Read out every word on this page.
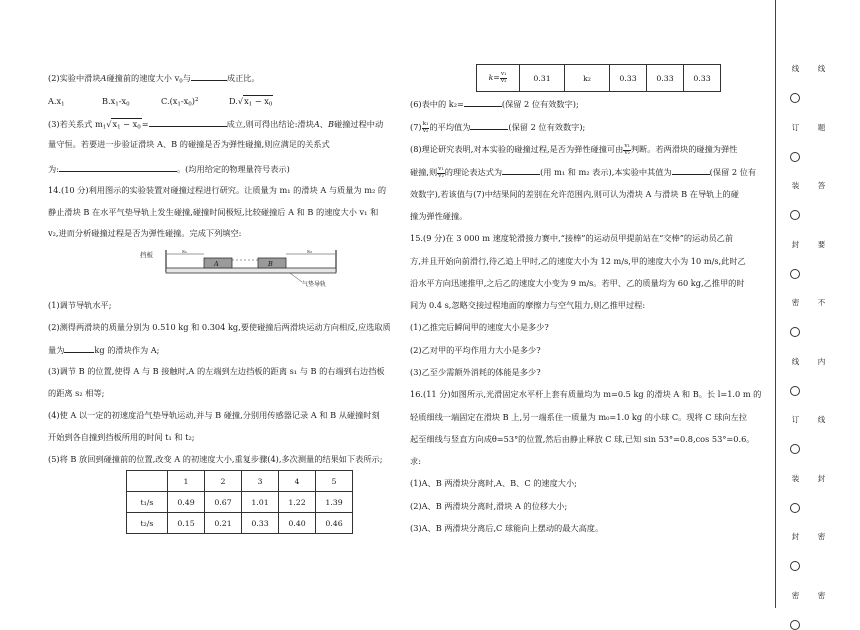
(2)实验中滑块A碰撞前的速度大小 $v_0$与	成正比。
$A.x_1$	$B.x_1-x_0$	$C.(x_1-x_0)^2$	$D.√x_1 - x_0$
(3)若关系式 $m_1√x_1 - x_0=$	成立,则可得出结论:滑块A、B碰撞过程中动
量守恒。若要进一步验证滑块 A、B 的碰撞是否为弹性碰撞,则应满足的关系式
为:	。(均用给定的物理量符号表示)
14.(10 分)利用图示的实验装置对碰撞过程进行研究。让质量为 m₁ 的滑块 A 与质量为 m₂ 的
静止滑块 B 在水平气垫导轨上发生碰撞,碰撞时间极短,比较碰撞后 A 和 B 的速度大小 v₁ 和
v₂,进而分析碰撞过程是否为弹性碰撞。完成下列填空:
挡板	s₁	s₂
A	B
气垫导轨
(1)调节导轨水平;
(2)测得两滑块的质量分别为 0.510 kg 和 0.304 kg,要使碰撞后两滑块运动方向相反,应选取质
量为	kg 的滑块作为 A;
(3)调节 B 的位置,使得 A 与 B 接触时,A 的左端到左边挡板的距离 s₁ 与 B 的右端到右边挡板
的距离 s₂ 相等;
(4)使 A 以一定的初速度沿气垫导轨运动,并与 B 碰撞,分别用传感器记录 A 和 B 从碰撞时刻
开始到各自撞到挡板所用的时间 t₁ 和 t₂;
(5)将 B 放回到碰撞前的位置,改变 A 的初速度大小,重复步骤(4),多次测量的结果如下表所示;
	1	2	3	4	5
t₁/s	0.49	0.67	1.01	1.22	1.39
t₂/s	0.15	0.21	0.33	0.40	0.46
$k= \frac{\text{v₁}}{\text{v₂}}$	0.31	k₂	0.33	0.33	0.33
(6)表中的 k₂=	(保留 2 位有效数字);
$(7) \frac{\text{k₁}}{\text{v₂}}$ 的平均值为	(保留 2 位有效数字);
(8)理论研究表明,对本实验的碰撞过程,是否为弹性碰撞可由 $\frac{\text{v₁}}{\text{v₂}}$ 判断。若两滑块的碰撞为弹性
碰撞,则 $\frac{\text{v₁}}{\text{v₂}}$ 的理论表达式为	(用 m₁ 和 m₂ 表示),本实验中其值为	(保留 2 位有
效数字),若该值与(7)中结果间的差别在允许范围内,则可认为滑块 A 与滑块 B 在导轨上的碰
撞为弹性碰撞。
15.(9 分)在 3 000 m 速度轮滑接力赛中,“接棒”的运动员甲提前站在“交棒”的运动员乙前
方,并且开始向前滑行,待乙追上甲时,乙的速度大小为 12 m/s,甲的速度大小为 10 m/s,此时乙
沿水平方向迅速推甲,之后乙的速度大小变为 9 m/s。若甲、乙的质量均为 60 kg,乙推甲的时
间为 0.4 s,忽略交接过程地面的摩擦力与空气阻力,则乙推甲过程:
(1)乙推完后瞬间甲的速度大小是多少?
(2)乙对甲的平均作用力大小是多少?
(3)乙至少需额外消耗的体能是多少?
16.(11 分)如图所示,光滑固定水平杆上套有质量均为 m=0.5 kg 的滑块 A 和 B。长 l=1.0 m 的
轻质细线一端固定在滑块 B 上,另一端系住一质量为 m₀=1.0 kg 的小球 C。现将 C 球向左拉
起至细线与竖直方向成θ=53°的位置,然后由静止释放 C 球,已知 sin 53°=0.8,cos 53°=0.6。
求:
(1)A、B 两滑块分离时,A、B、C 的速度大小;
(2)A、B 两滑块分离时,滑块 A 的位移大小;
(3)A、B 两滑块分离后,C 球能向上摆动的最大高度。
线
订
装
封
密
线
订
装
封
密
线
题
答
要
不
内
线
封
密
密
